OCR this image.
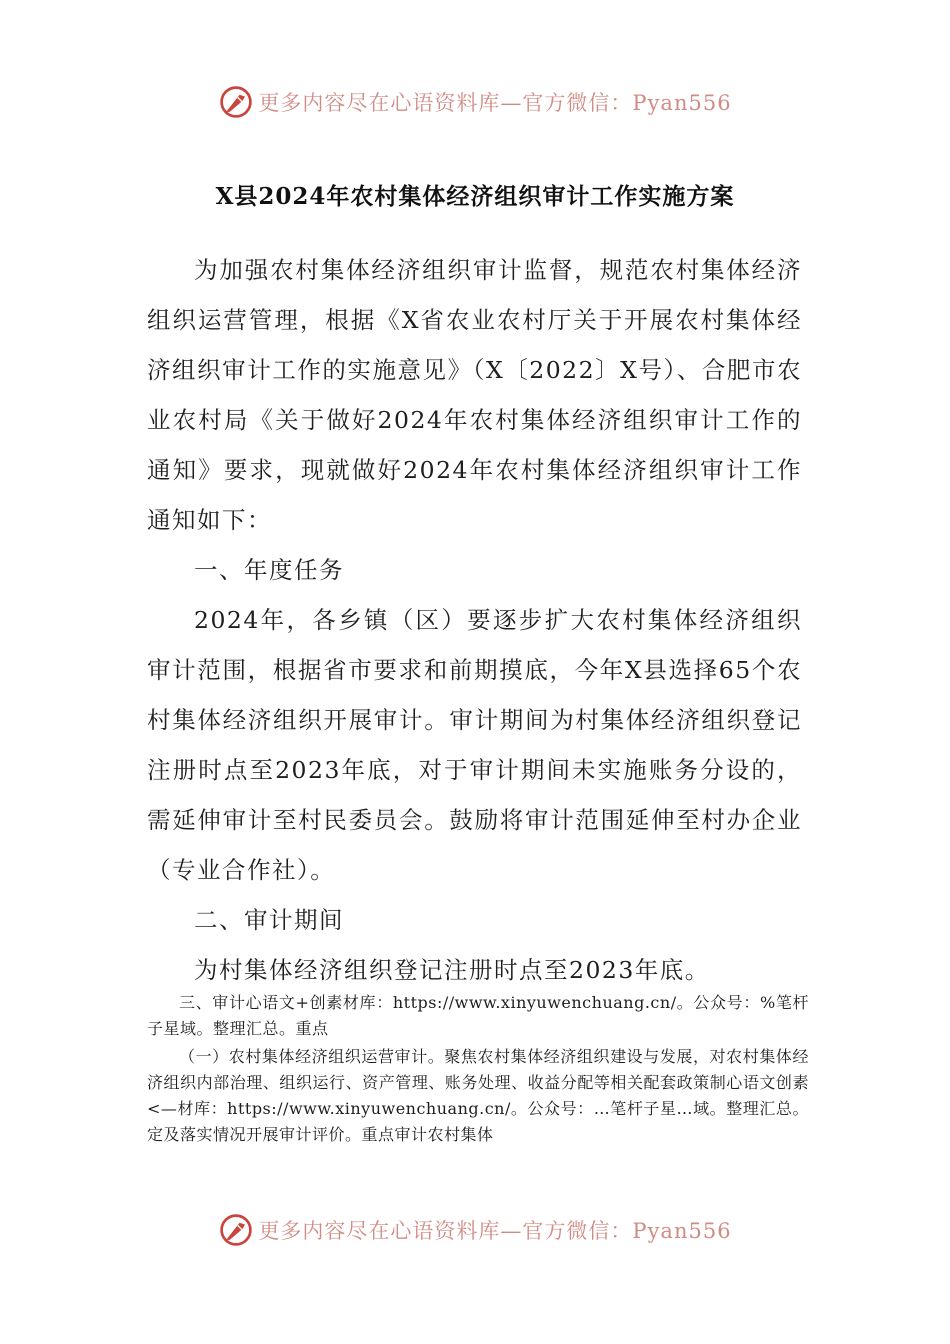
更多内容尽在心语资料库—官方微信：Pyan556
X县2024年农村集体经济组织审计工作实施方案

为加强农村集体经济组织审计监督，规范农村集体经济组织运营管理，根据《X省农业农村厅关于开展农村集体经济组织审计工作的实施意见》（X〔2022〕X号）、合肥市农业农村局《关于做好2024年农村集体经济组织审计工作的通知》要求，现就做好2024年农村集体经济组织审计工作通知如下：

一、年度任务

2024年，各乡镇（区）要逐步扩大农村集体经济组织审计范围，根据省市要求和前期摸底，今年X县选择65个农村集体经济组织开展审计。审计期间为村集体经济组织登记注册时点至2023年底，对于审计期间未实施账务分设的，需延伸审计至村民委员会。鼓励将审计范围延伸至村办企业（专业合作社）。

二、审计期间

为村集体经济组织登记注册时点至2023年底。

三、审计心语文+创素材库：https://www.xinyuwenchuang.cn/。公众号：%笔杆子星域。整理汇总。重点

（一）农村集体经济组织运营审计。聚焦农村集体经济组织建设与发展，对农村集体经济组织内部治理、组织运行、资产管理、账务处理、收益分配等相关配套政策制心语文创素<—材库：https://www.xinyuwenchuang.cn/。公众号：…笔杆子星…域。整理汇总。定及落实情况开展审计评价。重点审计农村集体

更多内容尽在心语资料库—官方微信：Pyan556
